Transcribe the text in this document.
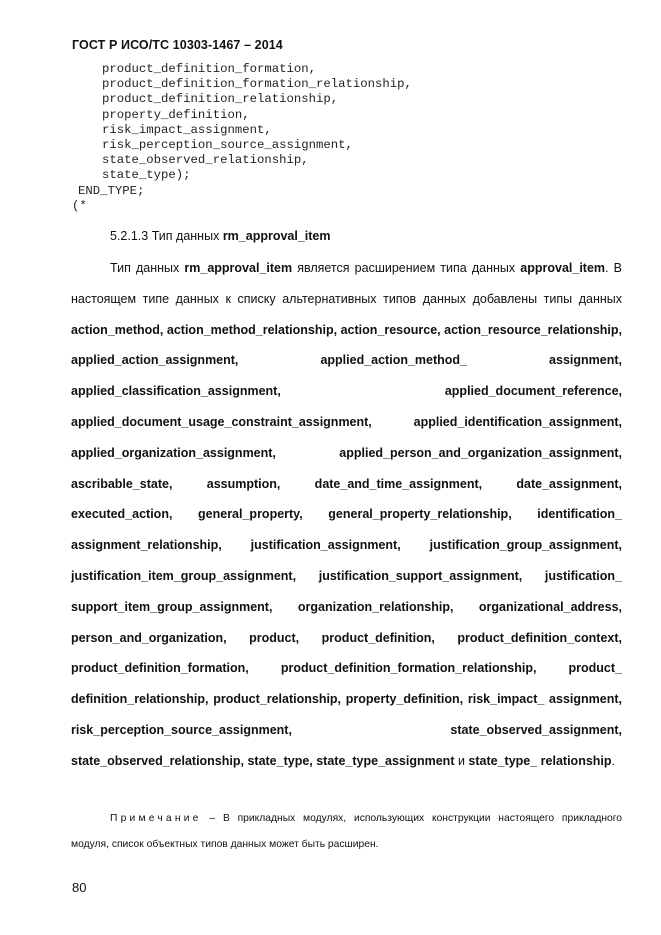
ГОСТ Р ИСО/ТС 10303-1467 – 2014
product_definition_formation,
product_definition_formation_relationship,
product_definition_relationship,
property_definition,
risk_impact_assignment,
risk_perception_source_assignment,
state_observed_relationship,
state_type);
END_TYPE;
(*
5.2.1.3 Тип данных rm_approval_item
Тип данных rm_approval_item является расширением типа данных approval_item. В настоящем типе данных к списку альтернативных типов данных добавлены типы данных action_method, action_method_relationship, action_resource, action_resource_relationship, applied_action_assignment, applied_action_method_ assignment, applied_classification_assignment, applied_document_reference, applied_document_usage_constraint_assignment, applied_identification_assignment, applied_organization_assignment, applied_person_and_organization_assignment, ascribable_state, assumption, date_and_time_assignment, date_assignment, executed_action, general_property, general_property_relationship, identification_ assignment_relationship, justification_assignment, justification_group_assignment, justification_item_group_assignment, justification_support_assignment, justification_ support_item_group_assignment, organization_relationship, organizational_address, person_and_organization, product, product_definition, product_definition_context, product_definition_formation, product_definition_formation_relationship, product_ definition_relationship, product_relationship, property_definition, risk_impact_ assignment, risk_perception_source_assignment, state_observed_assignment, state_observed_relationship, state_type, state_type_assignment и state_type_ relationship.
Примечание – В прикладных модулях, использующих конструкции настоящего прикладного модуля, список объектных типов данных может быть расширен.
80
